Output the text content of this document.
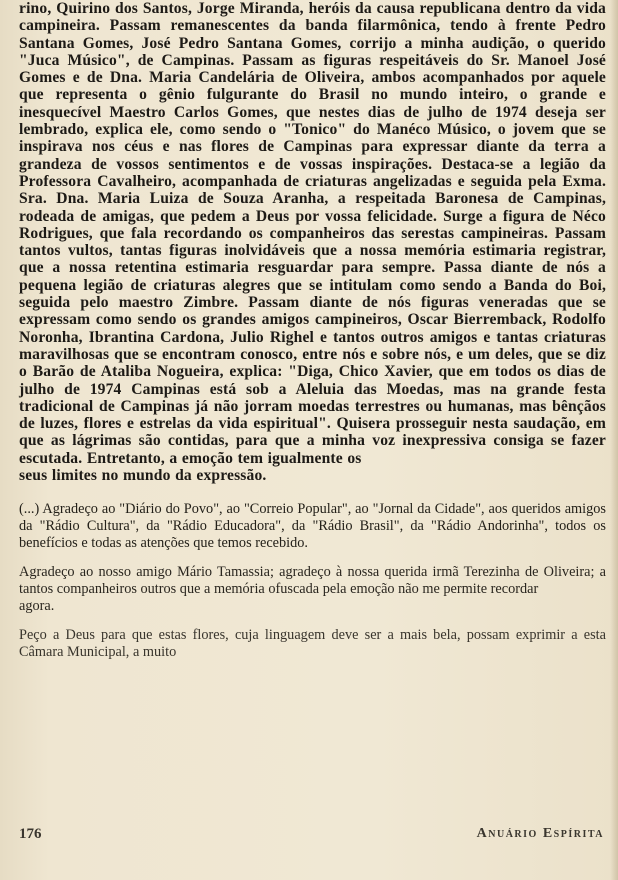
rino, Quirino dos Santos, Jorge Miranda, heróis da causa republicana dentro da vida campineira. Passam remanescentes da banda filarmônica, tendo à frente Pedro Santana Gomes, José Pedro Santana Gomes, corrijo a minha audição, o querido "Juca Músico", de Campinas. Passam as figuras respeitáveis do Sr. Manoel José Gomes e de Dna. Maria Candelária de Oliveira, ambos acompanhados por aquele que representa o gênio fulgurante do Brasil no mundo inteiro, o grande e inesquecível Maestro Carlos Gomes, que nestes dias de julho de 1974 deseja ser lembrado, explica ele, como sendo o "Tonico" do Manéco Músico, o jovem que se inspirava nos céus e nas flores de Campinas para expressar diante da terra a grandeza de vossos sentimentos e de vossas inspirações. Destaca-se a legião da Professora Cavalheiro, acompanhada de criaturas angelizadas e seguida pela Exma. Sra. Dna. Maria Luiza de Souza Aranha, a respeitada Baronesa de Campinas, rodeada de amigas, que pedem a Deus por vossa felicidade. Surge a figura de Néco Rodrigues, que fala recordando os companheiros das serestas campineiras. Passam tantos vultos, tantas figuras inolvidáveis que a nossa memória estimaria registrar, que a nossa retentina estimaria resguardar para sempre. Passa diante de nós a pequena legião de criaturas alegres que se intitulam como sendo a Banda do Boi, seguida pelo maestro Zimbre. Passam diante de nós figuras veneradas que se expressam como sendo os grandes amigos campineiros, Oscar Bierremback, Rodolfo Noronha, Ibrantina Cardona, Julio Righel e tantos outros amigos e tantas criaturas maravilhosas que se encontram conosco, entre nós e sobre nós, e um deles, que se diz o Barão de Ataliba Nogueira, explica: "Diga, Chico Xavier, que em todos os dias de julho de 1974 Campinas está sob a Aleluia das Moedas, mas na grande festa tradicional de Campinas já não jorram moedas terrestres ou humanas, mas bênçãos de luzes, flores e estrelas da vida espiritual". Quisera prosseguir nesta saudação, em que as lágrimas são contidas, para que a minha voz inexpressiva consiga se fazer escutada. Entretanto, a emoção tem igualmente os
seus limites no mundo da expressão.

(...) Agradeço ao "Diário do Povo", ao "Correio Popular", ao "Jornal da Cidade", aos queridos amigos da "Rádio Cultura", da "Rádio Educadora", da "Rádio Brasil", da "Rádio Andorinha", todos os benefícios e todas as atenções que temos recebido.

Agradeço ao nosso amigo Mário Tamassia; agradeço à nossa querida irmã Terezinha de Oliveira; a tantos companheiros outros que a memória ofuscada pela emoção não me permite recordar
agora.

Peço a Deus para que estas flores, cuja linguagem deve ser a mais bela, possam exprimir a esta Câmara Municipal, a muito

176	Anuário Espírita
